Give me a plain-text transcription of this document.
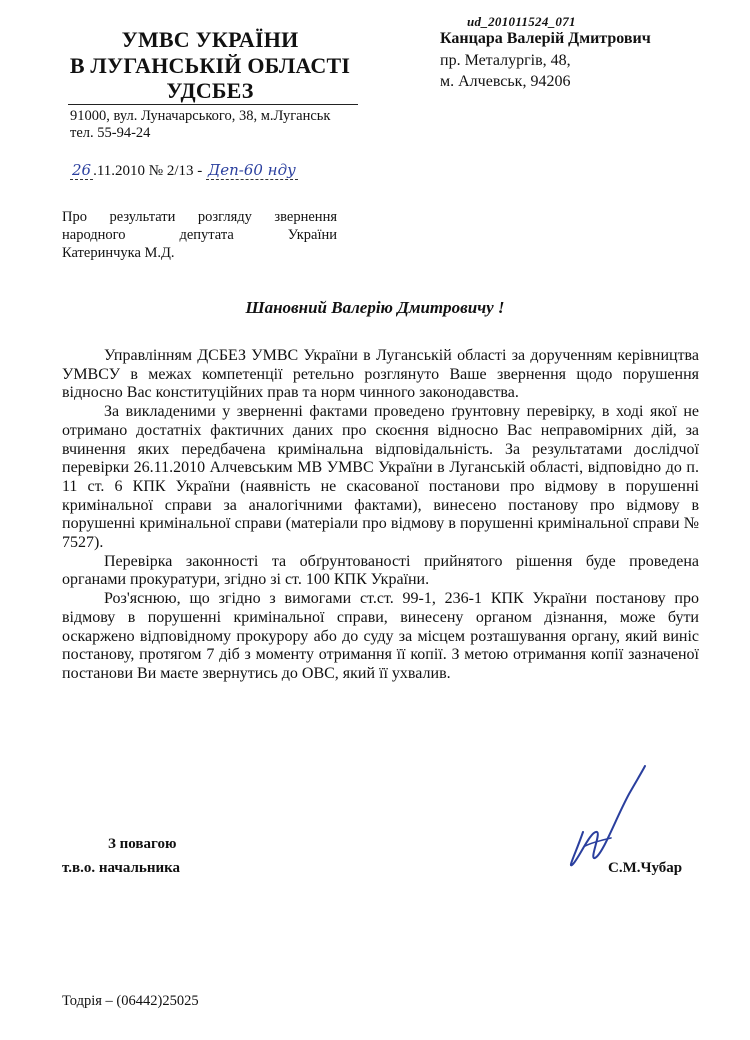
УМВС УКРАЇНИ
В ЛУГАНСЬКІЙ ОБЛАСТІ
УДСБЕЗ
91000, вул. Луначарського, 38, м.Луганськ
тел. 55-94-24
26 .11.2010 № 2/13 - Деп-60 нду
ud_201011524_071
Канцара Валерій Дмитрович
пр. Металургів, 48,
м. Алчевськ, 94206
Про результати розгляду звернення
народного депутата України
Катеринчука М.Д.
Шановний Валерію Дмитровичу !

Управлінням ДСБЕЗ УМВС України в Луганській області за дорученням керівництва УМВСУ в межах компетенції ретельно розглянуто Ваше звернення щодо порушення відносно Вас конституційних прав та норм чинного законодавства.

За викладеними у зверненні фактами проведено ґрунтовну перевірку, в ході якої не отримано достатніх фактичних даних про скоєння відносно Вас неправомірних дій, за вчинення яких передбачена кримінальна відповідальність. За результатами дослідчої перевірки 26.11.2010 Алчевським МВ УМВС України в Луганській області, відповідно до п. 11 ст. 6 КПК України (наявність не скасованої постанови про відмову в порушенні кримінальної справи за аналогічними фактами), винесено постанову про відмову в порушенні кримінальної справи (матеріали про відмову в порушенні кримінальної справи № 7527).

Перевірка законності та обґрунтованості прийнятого рішення буде проведена органами прокуратури, згідно зі ст. 100 КПК України.

Роз'яснюю, що згідно з вимогами ст.ст. 99-1, 236-1 КПК України постанову про відмову в порушенні кримінальної справи, винесену органом дізнання, може бути оскаржено відповідному прокурору або до суду за місцем розташування органу, який виніс постанову, протягом 7 діб з моменту отримання її копії. З метою отримання копії зазначеної постанови Ви маєте звернутись до ОВС, який її ухвалив.

З повагою
т.в.о. начальника	С.М.Чубар
Тодрія – (06442)25025
